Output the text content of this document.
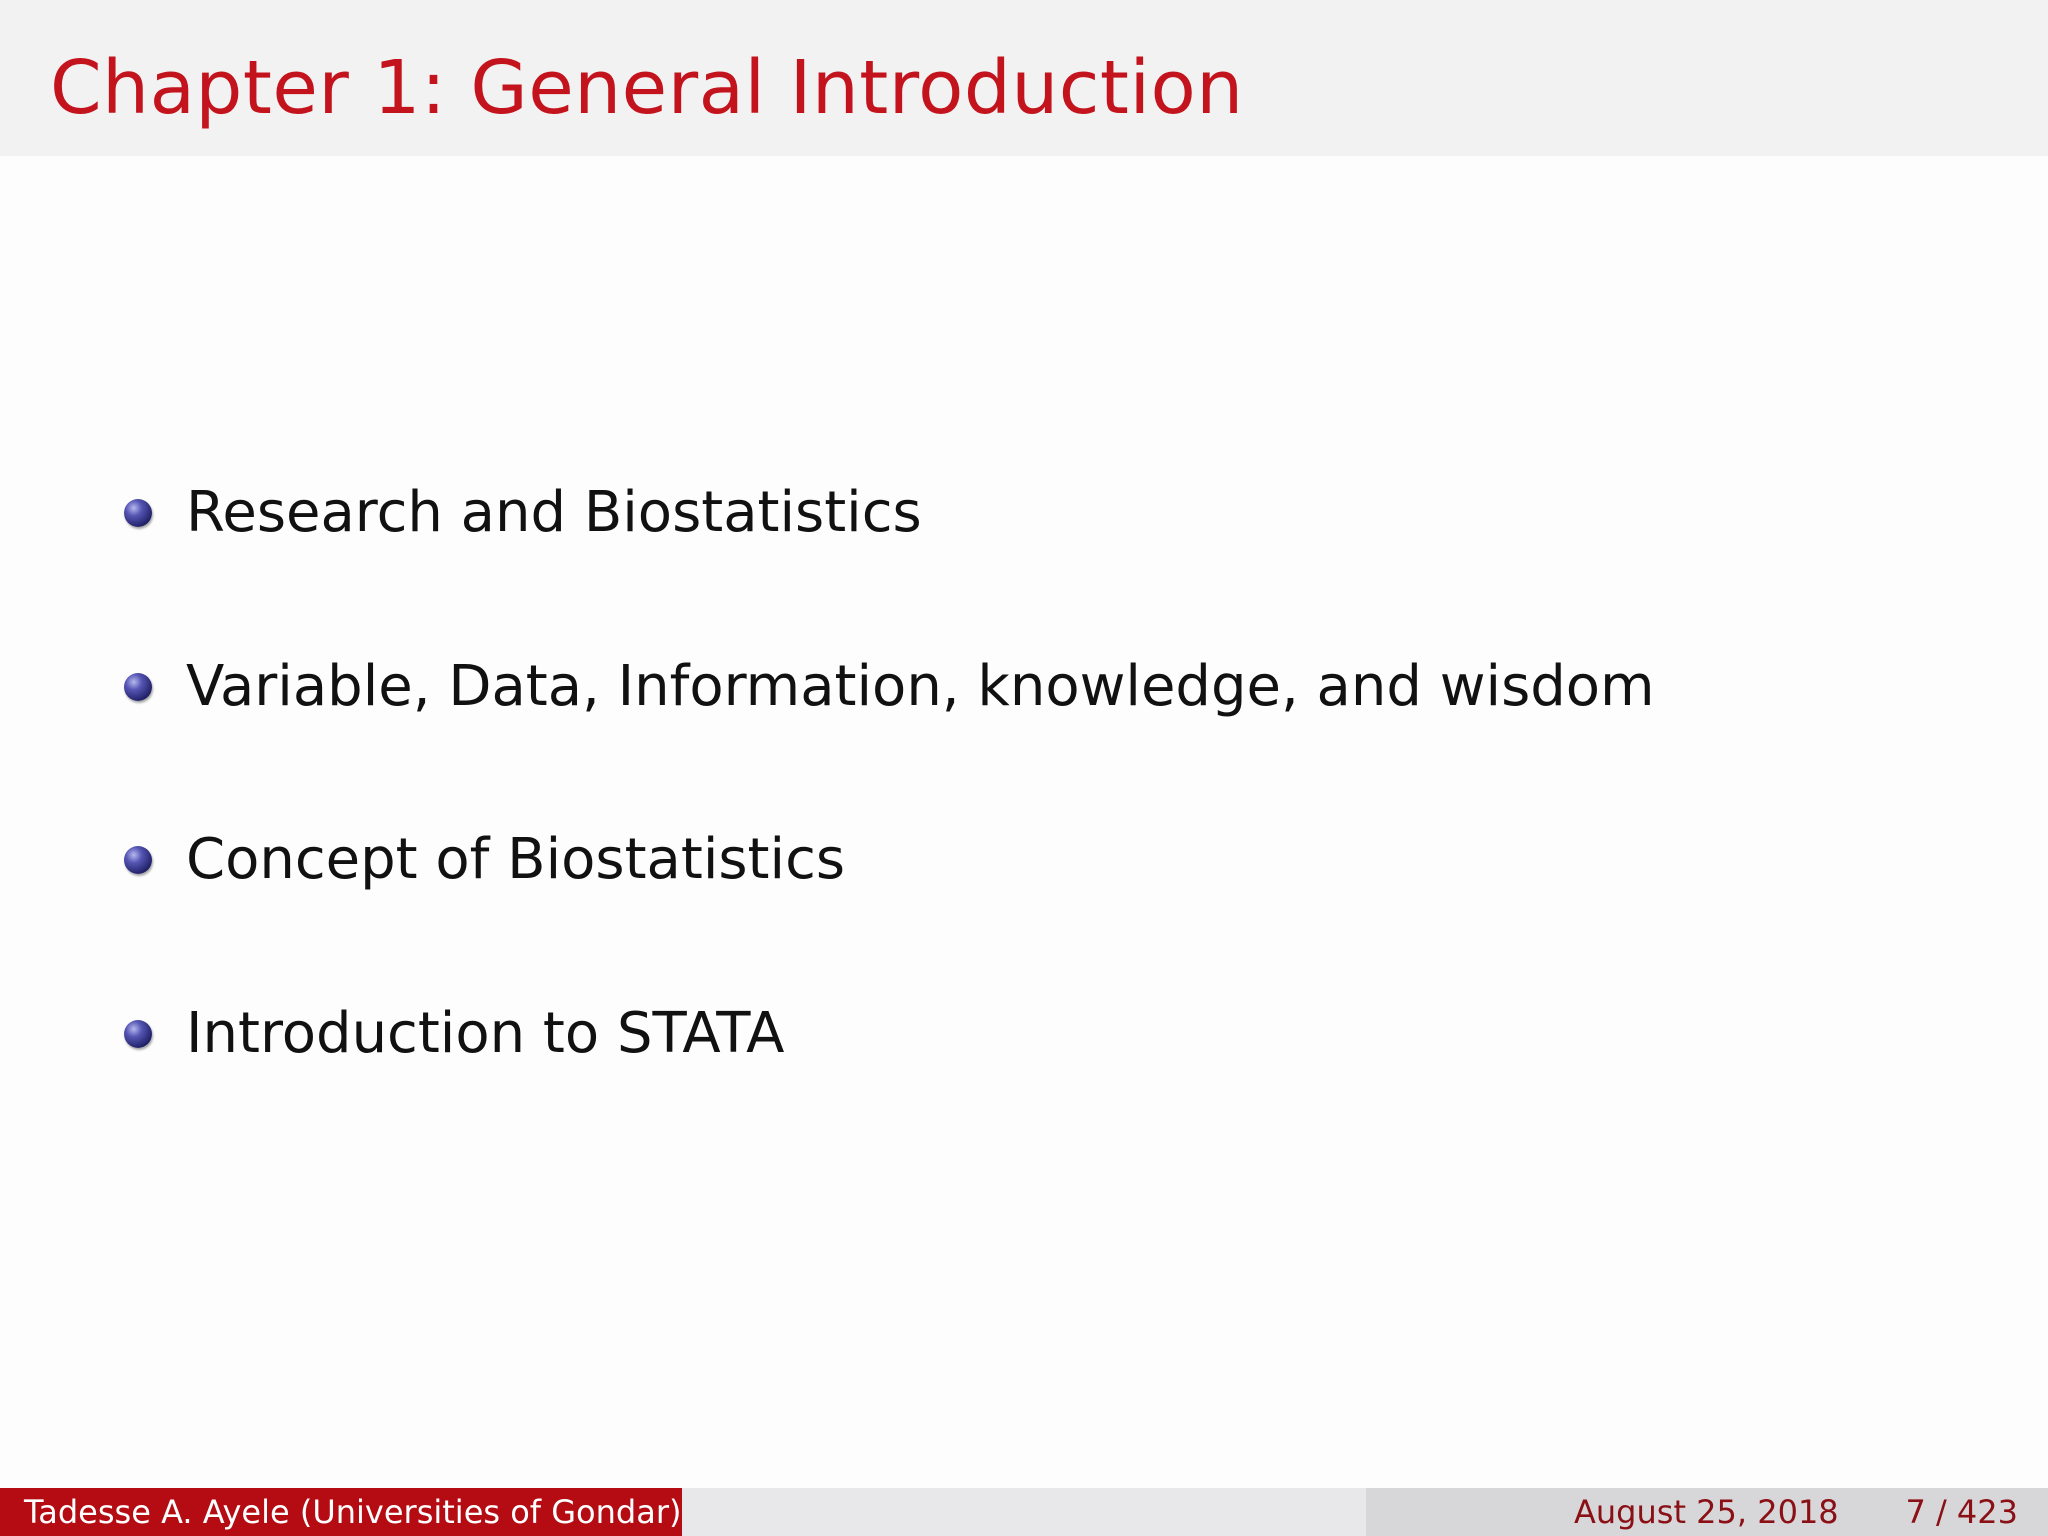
Chapter 1: General Introduction
Research and Biostatistics
Variable, Data, Information, knowledge, and wisdom
Concept of Biostatistics
Introduction to STATA
Tadesse A. Ayele (Universities of Gondar)	August 25, 2018 7 / 423
